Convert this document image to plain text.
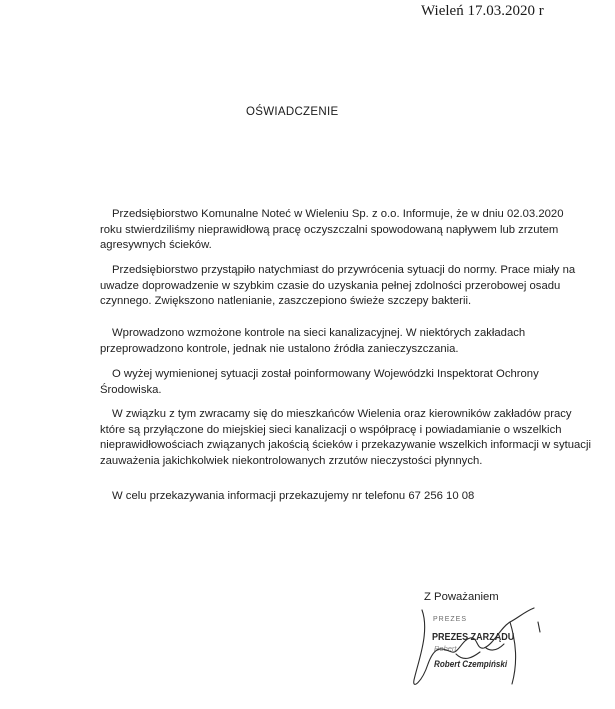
Wieleń 17.03.2020 r
OŚWIADCZENIE

Przedsiębiorstwo Komunalne Noteć w Wieleniu Sp. z o.o. Informuje, że w dniu 02.03.2020
roku stwierdziliśmy nieprawidłową pracę oczyszczalni spowodowaną napływem lub zrzutem
agresywnych ścieków.

Przedsiębiorstwo przystąpiło natychmiast do przywrócenia sytuacji do normy. Prace miały na
uwadze doprowadzenie w szybkim czasie do uzyskania pełnej zdolności przerobowej osadu
czynnego. Zwiększono natlenianie, zaszczepiono świeże szczepy bakterii.

Wprowadzono wzmożone kontrole na sieci kanalizacyjnej. W niektórych zakładach
przeprowadzono kontrole, jednak nie ustalono źródła zanieczyszczania.

O wyżej wymienionej sytuacji został poinformowany Wojewódzki Inspektorat Ochrony
Środowiska.

W związku z tym zwracamy się do mieszkańców Wielenia oraz kierowników zakładów pracy
które są przyłączone do miejskiej sieci kanalizacji o współpracę i powiadamianie o wszelkich
nieprawidłowościach związanych jakością ścieków i przekazywanie wszelkich informacji w sytuacji
zauważenia jakichkolwiek niekontrolowanych zrzutów nieczystości płynnych.

W celu przekazywania informacji przekazujemy nr telefonu 67 256 10 08

Z Poważaniem
PREZES
PREZES ZARZĄDU
Robert
Robert Czempiński
